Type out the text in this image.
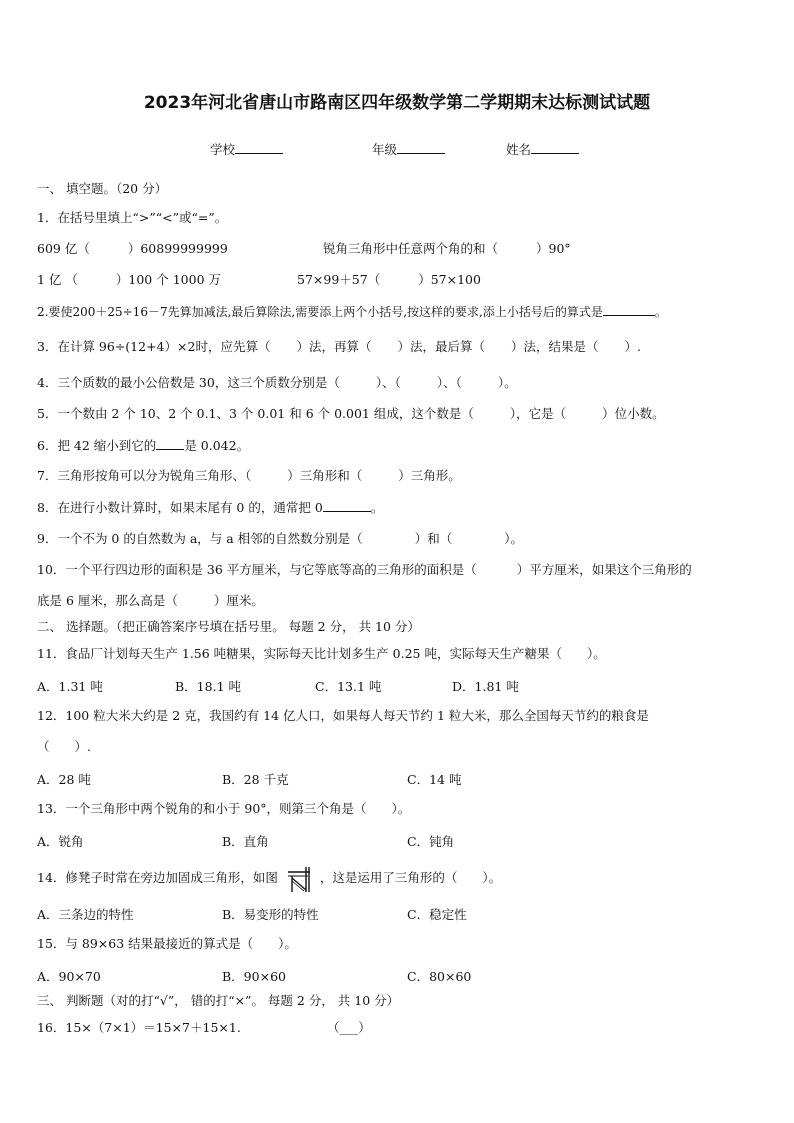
2023年河北省唐山市路南区四年级数学第二学期期末达标测试试题
学校	年级	姓名
一、 填空题。（20 分）
1．在括号里填上“>”“<”或“=”。
609 亿（	）60899999999	锐角三角形中任意两个角的和（	）90°
1 亿 （	）100 个 1000 万	57×99＋57（	）57×100
2.要使200＋25÷16－7先算加减法,最后算除法,需要添上两个小括号,按这样的要求,添上小括号后的算式是	。
3．在计算 96÷(12+4）×2时，应先算（ ）法，再算（ ）法，最后算（ ）法，结果是（ ）.
4．三个质数的最小公倍数是 30，这三个质数分别是（	）、（	）、（	）。
5．一个数由 2 个 10、2 个 0.1、3 个 0.01 和 6 个 0.001 组成，这个数是（	），它是（	）位小数。
6．把 42 缩小到它的 是 0.042。
7．三角形按角可以分为锐角三角形、（	）三角形和（	）三角形。
8．在进行小数计算时，如果末尾有 0 的，通常把 0	。
9．一个不为 0 的自然数为 a，与 a 相邻的自然数分别是（	）和（	）。
10．一个平行四边形的面积是 36 平方厘米，与它等底等高的三角形的面积是（	）平方厘米，如果这个三角形的
底是 6 厘米，那么高是（	）厘米。
二、 选择题。（把正确答案序号填在括号里。 每题 2 分， 共 10 分）
11．食品厂计划每天生产 1.56 吨糖果，实际每天比计划多生产 0.25 吨，实际每天生产糖果（　　）。
A．1.31 吨	B．18.1 吨	C．13.1 吨	D．1.81 吨
12．100 粒大米大约是 2 克，我国约有 14 亿人口，如果每人每天节约 1 粒大米，那么全国每天节约的粮食是
（　　）.
A．28 吨	B．28 千克	C．14 吨
13．一个三角形中两个锐角的和小于 90°，则第三个角是（　　）。
A．锐角	B．直角	C．钝角
14．修凳子时常在旁边加固成三角形，如图	，这是运用了三角形的（　　）。
A．三条边的特性	B．易变形的特性	C．稳定性
15．与 89×63 结果最接近的算式是（　　）。
A．90×70	B．90×60	C．80×60
三、 判断题（对的打“√”， 错的打“×”。 每题 2 分， 共 10 分）
16．15×（7×1）＝15×7＋15×1.	（___）
